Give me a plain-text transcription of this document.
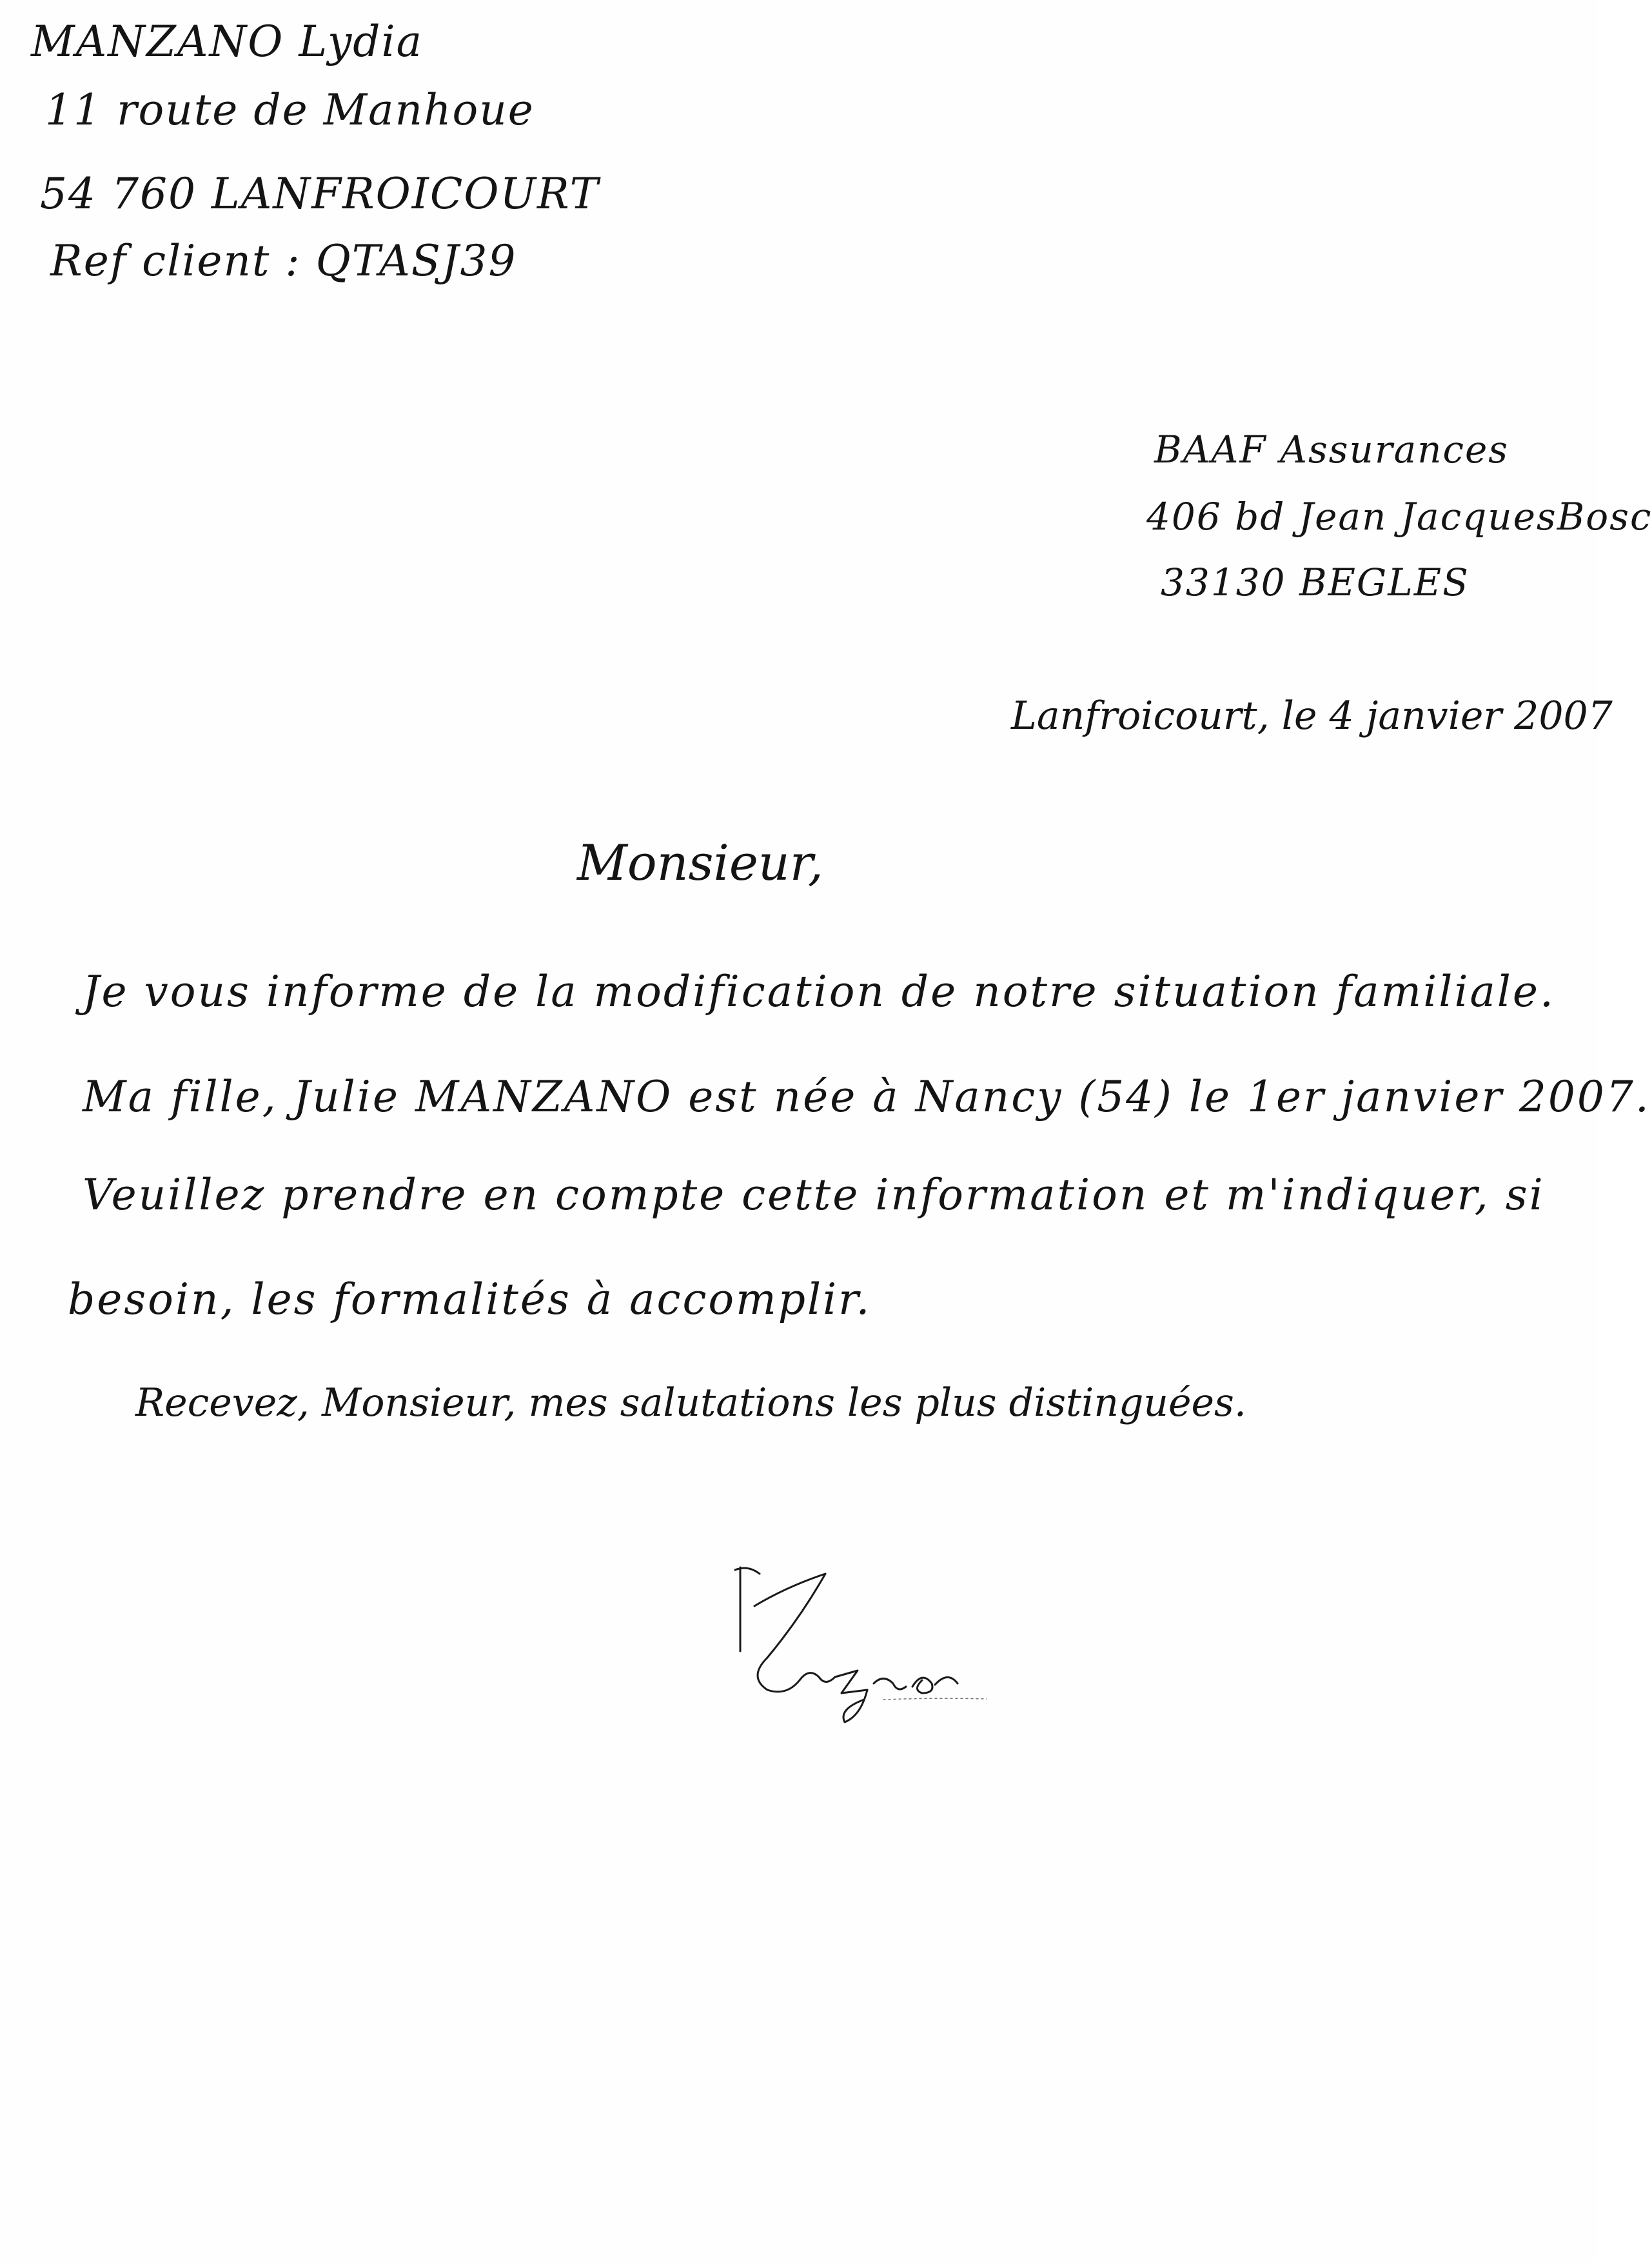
MANZANO Lydia
11 route de Manhoue
54 760 LANFROICOURT
Ref client : QTASJ39
BAAF Assurances
406 bd Jean JacquesBosc
33130 BEGLES
Lanfroicourt, le 4 janvier 2007
Monsieur,
Je vous informe de la modification de notre situation familiale.
Ma fille, Julie MANZANO est née à Nancy (54) le 1er janvier 2007.
Veuillez prendre en compte cette information et m'indiquer, si
besoin, les formalités à accomplir.
Recevez, Monsieur, mes salutations les plus distinguées.
